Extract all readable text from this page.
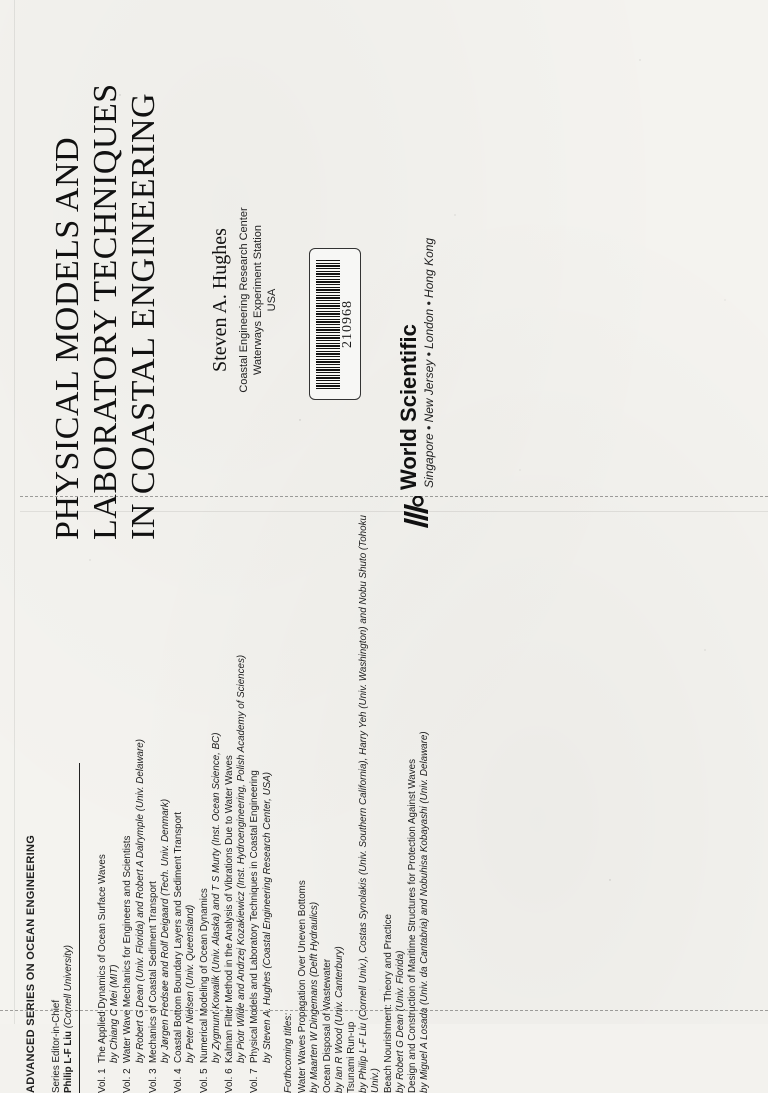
PHYSICAL MODELS AND LABORATORY TECHNIQUES IN COASTAL ENGINEERING Steven A. Hughes Coastal Engineering Research Center Waterways Experiment Station USA	210968
World Scientific Singapore • New Jersey • London • Hong Kong
ADVANCED SERIES ON OCEAN ENGINEERING Series Editor-in-Chief Philip L-F Liu (Cornell University)
Vol. 1
The Applied Dynamics of Ocean Surface Waves by Chiang C Mei (MIT)
Vol. 2
Water Wave Mechanics for Engineers and Scientists by Robert G Dean (Univ. Florida) and Robert A Dalrymple (Univ. Delaware)
Vol. 3
Mechanics of Coastal Sediment Transport by Jørgen Fredsøe and Rolf Deigaard (Tech. Univ. Denmark)
Vol. 4
Coastal Bottom Boundary Layers and Sediment Transport by Peter Nielsen (Univ. Queensland)
Vol. 5
Numerical Modeling of Ocean Dynamics by Zygmunt Kowalik (Univ. Alaska) and T S Murty (Inst. Ocean Science, BC)
Vol. 6
Kalman Filter Method in the Analysis of Vibrations Due to Water Waves by Piotr Wilde and Andrzej Kozakiewicz (Inst. Hydroengineering, Polish Academy of Sciences)
Vol. 7
Physical Models and Laboratory Techniques in Coastal Engineering by Steven A. Hughes (Coastal Engineering Research Center, USA) Forthcoming titles: Water Waves Propagation Over Uneven Bottoms by Maarten W Dingemans (Delft Hydraulics) Ocean Disposal of Wastewater by Ian R Wood (Univ. Canterbury) Tsunami Run-up by Philip L-F Liu (Cornell Univ.), Costas Synolakis (Univ. Southern California), Harry Yeh (Univ. Washington) and Nobu Shuto (Tohoku Univ.) Beach Nourishment: Theory and Practice by Robert G Dean (Univ. Florida) Design and Construction of Maritime Structures for Protection Against Waves by Miguel A Losada (Univ. da Cantabria) and Nobuhisa Kobayashi (Univ. Delaware)
